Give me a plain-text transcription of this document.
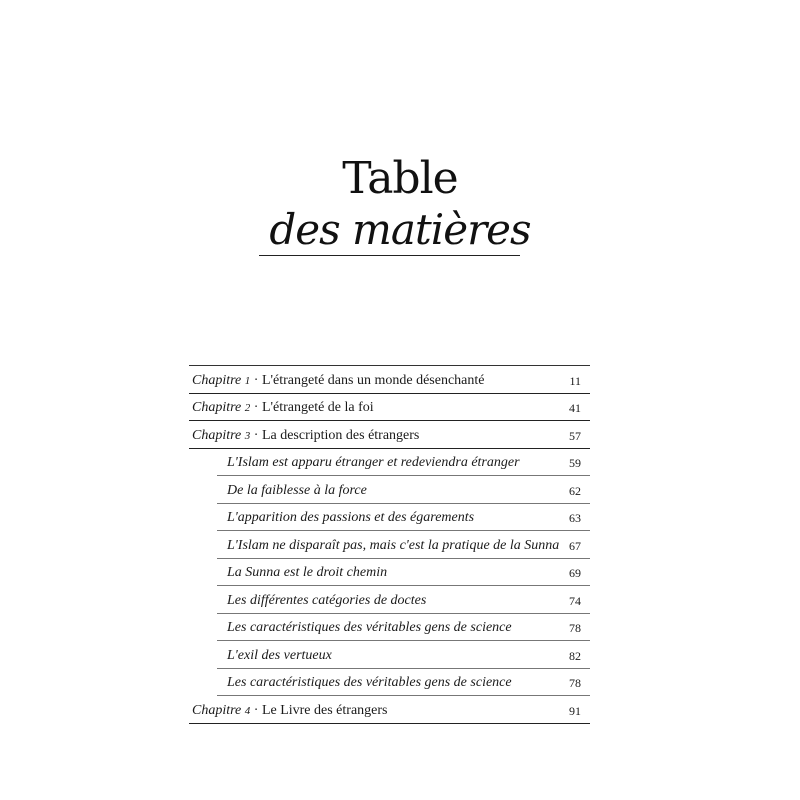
Table
des matières
Chapitre 1 · L'étrangeté dans un monde désenchanté	11
Chapitre 2 · L'étrangeté de la foi	41
Chapitre 3 · La description des étrangers	57
L'Islam est apparu étranger et redeviendra étranger	59
De la faiblesse à la force	62
L'apparition des passions et des égarements	63
L'Islam ne disparaît pas, mais c'est la pratique de la Sunna 67
La Sunna est le droit chemin	69
Les différentes catégories de doctes	74
Les caractéristiques des véritables gens de science	78
L'exil des vertueux	82
Les caractéristiques des véritables gens de science	78
Chapitre 4 · Le Livre des étrangers	91
